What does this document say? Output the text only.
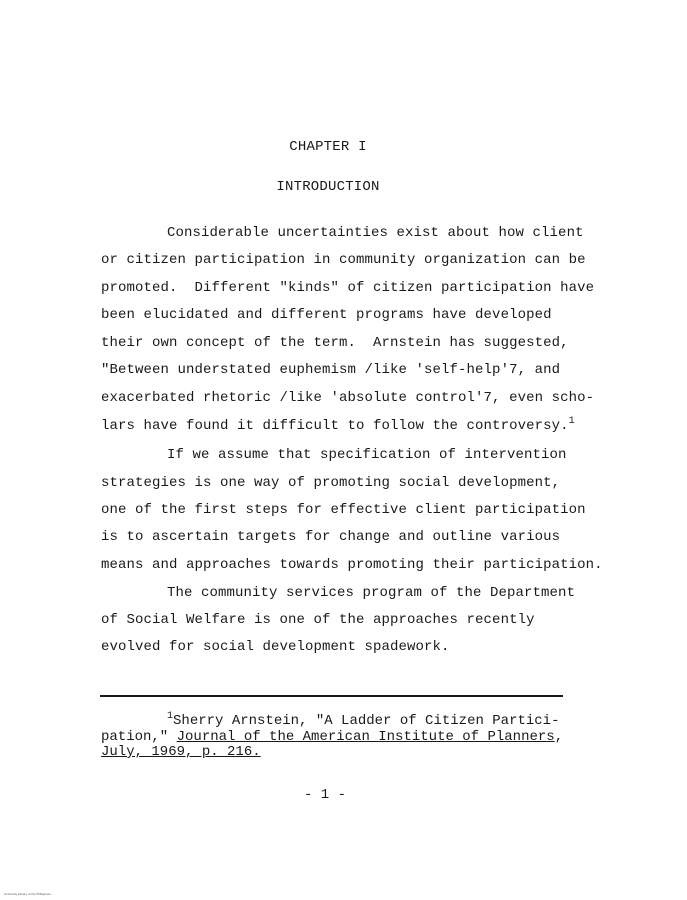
CHAPTER I
INTRODUCTION
Considerable uncertainties exist about how client
or citizen participation in community organization can be
promoted.  Different "kinds" of citizen participation have
been elucidated and different programs have developed
their own concept of the term.  Arnstein has suggested,
"Between understated euphemism /like 'self-help'7, and
exacerbated rhetoric /like 'absolute control'7, even scho-
lars have found it difficult to follow the controversy.$^1$
If we assume that specification of intervention
strategies is one way of promoting social development,
one of the first steps for effective client participation
is to ascertain targets for change and outline various
means and approaches towards promoting their participation.
The community services program of the Department
of Social Welfare is one of the approaches recently
evolved for social development spadework.
$^1$Sherry Arnstein, "A Ladder of Citizen Partici-
pation," Journal of the American Institute of Planners,
July, 1969, p. 216.
- 1 -
University Library of the Philippines
